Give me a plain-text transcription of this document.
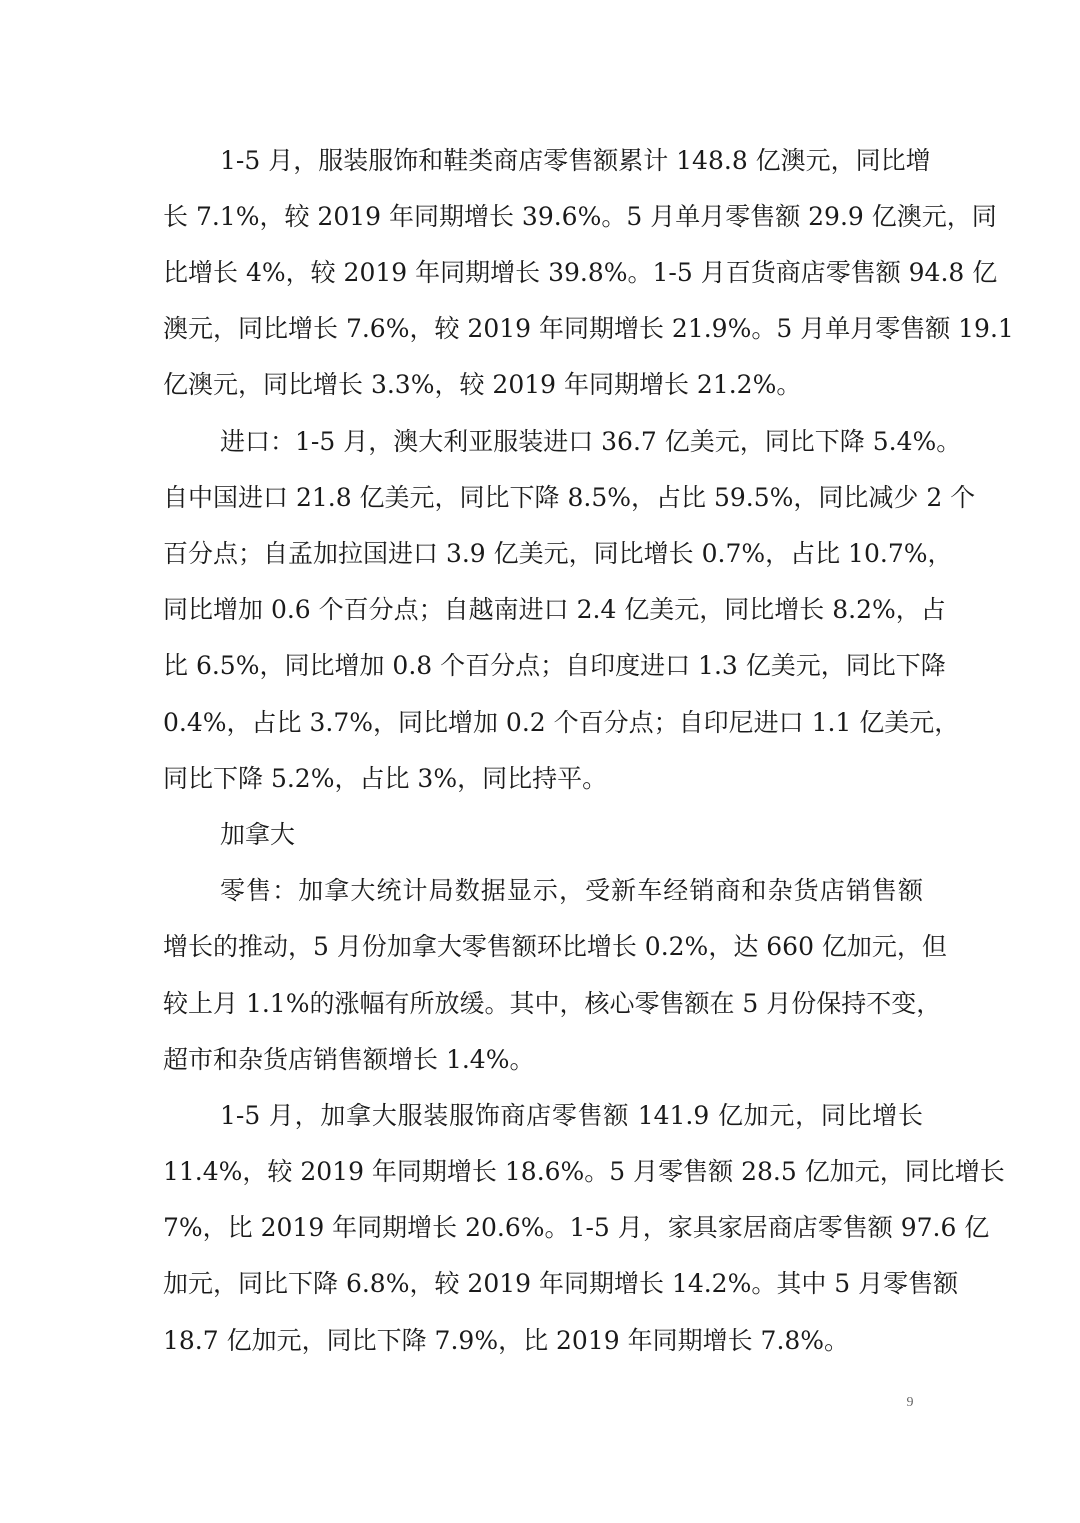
1-5 月，服装服饰和鞋类商店零售额累计 148.8 亿澳元，同比增
长 7.1%，较 2019 年同期增长 39.6%。5 月单月零售额 29.9 亿澳元，同
比增长 4%，较 2019 年同期增长 39.8%。1-5 月百货商店零售额 94.8 亿
澳元，同比增长 7.6%，较 2019 年同期增长 21.9%。5 月单月零售额 19.1
亿澳元，同比增长 3.3%，较 2019 年同期增长 21.2%。
进口：1-5 月，澳大利亚服装进口 36.7 亿美元，同比下降 5.4%。
自中国进口 21.8 亿美元，同比下降 8.5%，占比 59.5%，同比减少 2 个
百分点；自孟加拉国进口 3.9 亿美元，同比增长 0.7%，占比 10.7%，
同比增加 0.6 个百分点；自越南进口 2.4 亿美元，同比增长 8.2%，占
比 6.5%，同比增加 0.8 个百分点；自印度进口 1.3 亿美元，同比下降
0.4%，占比 3.7%，同比增加 0.2 个百分点；自印尼进口 1.1 亿美元，
同比下降 5.2%，占比 3%，同比持平。
加拿大
零售：加拿大统计局数据显示，受新车经销商和杂货店销售额
增长的推动，5 月份加拿大零售额环比增长 0.2%，达 660 亿加元，但
较上月 1.1%的涨幅有所放缓。其中，核心零售额在 5 月份保持不变，
超市和杂货店销售额增长 1.4%。
1-5 月，加拿大服装服饰商店零售额 141.9 亿加元，同比增长
11.4%，较 2019 年同期增长 18.6%。5 月零售额 28.5 亿加元，同比增长
7%，比 2019 年同期增长 20.6%。1-5 月，家具家居商店零售额 97.6 亿
加元，同比下降 6.8%，较 2019 年同期增长 14.2%。其中 5 月零售额
18.7 亿加元，同比下降 7.9%，比 2019 年同期增长 7.8%。
9
